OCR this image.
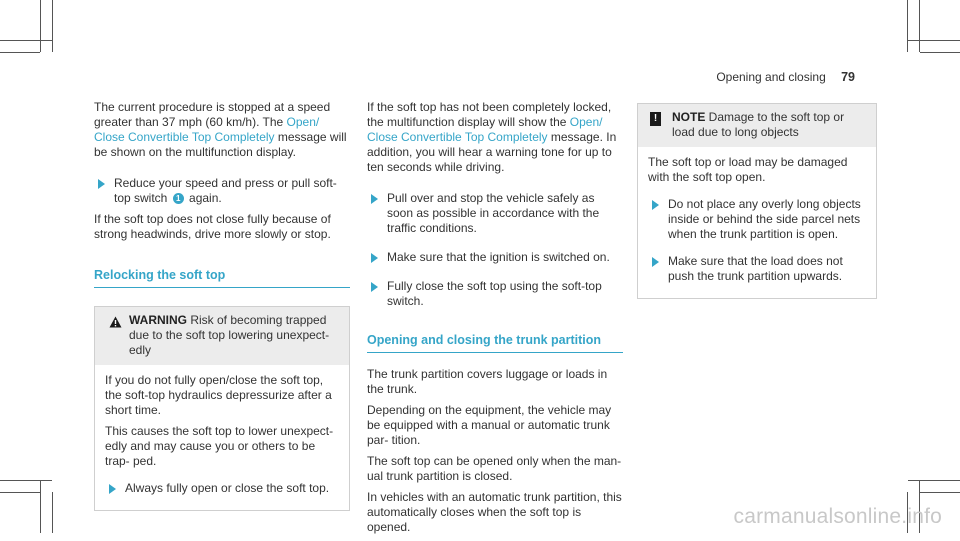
Opening and closing 79

The current procedure is stopped at a speed greater than 37 mph (60 km/h). The Open/ Close Convertible Top Completely message will be shown on the multifunction display.

Reduce your speed and press or pull soft-top switch 1 again.

If the soft top does not close fully because of strong headwinds, drive more slowly or stop.

Relocking the soft top
WARNING Risk of becoming trapped due to the soft top lowering unexpect- edly

If you do not fully open/close the soft top, the soft-top hydraulics depressurize after a short time.

This causes the soft top to lower unexpect- edly and may cause you or others to be trap- ped.

Always fully open or close the soft top.

If the soft top has not been completely locked, the multifunction display will show the Open/ Close Convertible Top Completely message. In addition, you will hear a warning tone for up to ten seconds while driving.

Pull over and stop the vehicle safely as soon as possible in accordance with the traffic conditions.
Make sure that the ignition is switched on.
Fully close the soft top using the soft-top switch.
Opening and closing the trunk partition

The trunk partition covers luggage or loads in the trunk.

Depending on the equipment, the vehicle may be equipped with a manual or automatic trunk par- tition.

The soft top can be opened only when the man- ual trunk partition is closed.

In vehicles with an automatic trunk partition, this automatically closes when the soft top is opened.

!	NOTE Damage to the soft top or load due to long objects

The soft top or load may be damaged with the soft top open.

Do not place any overly long objects inside or behind the side parcel nets when the trunk partition is open.
Make sure that the load does not push the trunk partition upwards.
carmanualsonline.info
